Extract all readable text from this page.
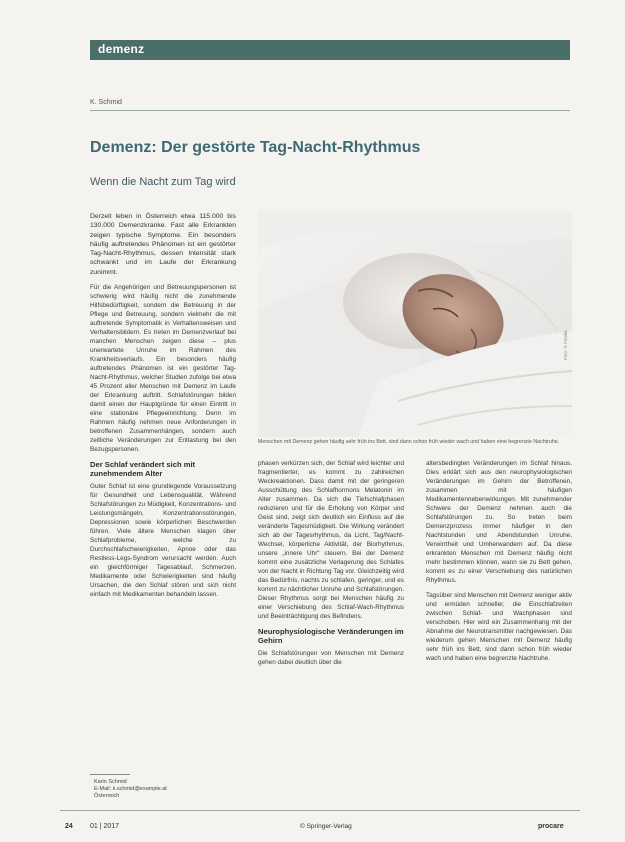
demenz
K. Schmid
Demenz: Der gestörte Tag-Nacht-Rhythmus
Wenn die Nacht zum Tag wird

Derzeit leben in Österreich etwa 115.000 bis 130.000 Demenzkranke. Fast alle Erkrankten zeigen typische Symptome. Ein besonders häufig auftretendes Phänomen ist ein gestörter Tag-Nacht-Rhythmus, dessen Intensität stark schwankt und im Laufe der Erkrankung zunimmt.

Für die Angehörigen und Betreuungspersonen ist schwierig wird häufig nicht die zunehmende Hilfsbedürftigkeit, sondern die Betreuung in der Pflege und Betreuung, sondern vielmehr die mit auftretende Symptomatik in Verhaltensweisen und Verhaltensbildern. Es treten im Demenzverlauf bei manchen Menschen zeigen diese – plus unerwartete Unruhe im Rahmen des Krankheitsverlaufs. Ein besonders häufig auftretendes Phänomen ist ein gestörter Tag-Nacht-Rhythmus, welcher Studien zufolge bei etwa 45 Prozent aller Menschen mit Demenz im Laufe der Erkrankung auftritt. Schlafstörungen bilden damit einen der Hauptgründe für einen Eintritt in eine stationäre Pflegeeinrichtung. Denn im Rahmen häufig nehmen neue Anforderungen in betroffenen Zusammenhängen, sondern auch zeitliche Veränderungen zur Entlastung bei den Bezugspersonen.

Der Schlaf verändert sich mit zunehmendem Alter

Guter Schlaf ist eine grundlegende Voraussetzung für Gesundheit und Lebensqualität. Während Schlafstörungen zu Müdigkeit, Konzentrations- und Leistungsmängeln, Konzentrationsstörungen, Depressionen sowie körperlichen Beschwerden führen. Viele ältere Menschen klagen über Schlafprobleme, welche zu Durchschlafschwierigkeiten, Apnoe oder das Restless-Legs-Syndrom verursacht werden. Auch ein gleichförmiger Tagesablauf, Schmerzen, Medikamente oder Schwierigkeiten sind häufig Ursachen, die den Schlaf stören und sich nicht einfach mit Medikamenten behandeln lassen.

Foto: © Fotolia
Menschen mit Demenz gehen häufig sehr früh ins Bett, sind dann schon früh wieder wach und haben eine begrenzte Nachtruhe.

phasen verkürzen sich, der Schlaf wird leichter und fragmentierter, es kommt zu zahlreichen Weckreaktionen. Dass damit mit der geringeren Ausschüttung des Schlafhormons Melatonin im Alter zusammen. Da sich die Tiefschlafphasen reduzieren und für die Erholung von Körper und Geist sind, zeigt sich deutlich ein Einfluss auf die veränderte Tagesmüdigkeit. Die Wirkung verändert sich ab der Tagesrhythmus, da Licht, Tag/Nacht-Wechsel, körperliche Aktivität, der Biorhythmus, unsere „innere Uhr“ steuern. Bei der Demenz kommt eine zusätzliche Verlagerung des Schlafes von der Nacht in Richtung Tag vor. Gleichzeitig wird das Bedürfnis, nachts zu schlafen, geringer, und es kommt zu nächtlicher Unruhe und Schlafstörungen. Dieser Rhythmus sorgt bei Menschen häufig zu einer Verschiebung des Schlaf-Wach-Rhythmus und Beeinträchtigung des Befindens.

Neurophysiologische Veränderungen im Gehirn

Die Schlafstörungen von Menschen mit Demenz gehen dabei deutlich über die

altersbedingten Veränderungen im Schlaf hinaus. Dies erklärt sich aus den neurophysiologischen Veränderungen im Gehirn der Betroffenen, zusammen mit häufigen Medikamentennebenwirkungen. Mit zunehmender Schwere der Demenz nehmen auch die Schlafstörungen zu. So treten beim Demenzprozess immer häufiger in den Nachtstunden und Abendstunden Unruhe, Verwirrtheit und Umherwandern auf. Da diese erkrankten Menschen mit Demenz häufig nicht mehr bestimmen können, wann sie zu Bett gehen, kommt es zu einer Verschiebung des natürlichen Rhythmus.

Tagsüber sind Menschen mit Demenz weniger aktiv und ermüden schneller, die Einschlafzeiten zwischen Schlaf- und Wachphasen sind verschoben. Hier wird ein Zusammenhang mit der Abnahme der Neurotransmitter nachgewiesen. Das wiederum gehen Menschen mit Demenz häufig sehr früh ins Bett, sind dann schon früh wieder wach und haben eine begrenzte Nachtruhe.

Karin Schmid
E-Mail: k.schmid@example.at
Österreich
24 01 | 2017	© Springer-Verlag	procare
